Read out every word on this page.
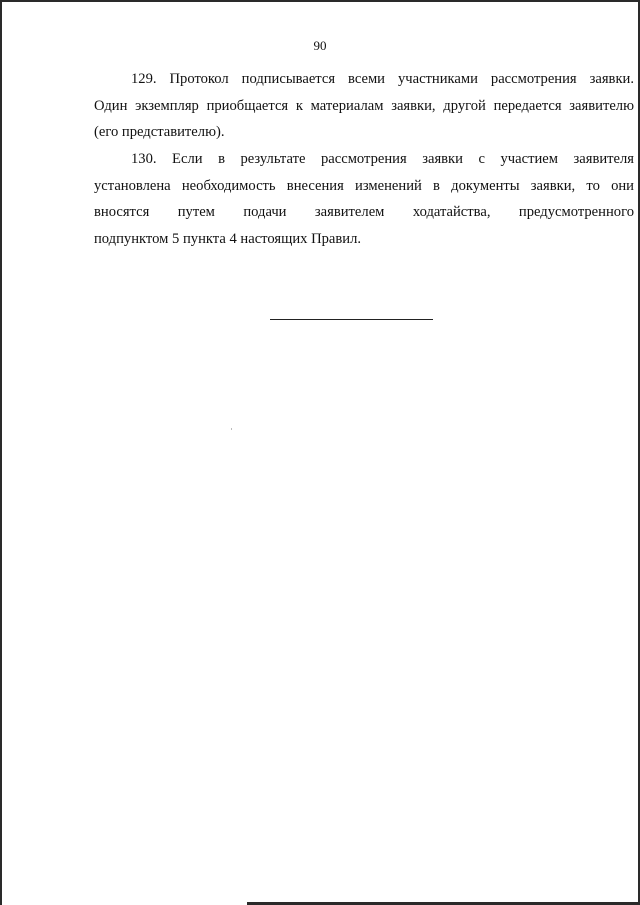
90
129. Протокол подписывается всеми участниками рассмотрения заявки.
Один экземпляр приобщается к материалам заявки, другой передается заявителю
(его представителю).
130. Если в результате рассмотрения заявки с участием заявителя
установлена необходимость внесения изменений в документы заявки, то они
вносятся путем подачи заявителем ходатайства, предусмотренного
подпунктом 5 пункта 4 настоящих Правил.
